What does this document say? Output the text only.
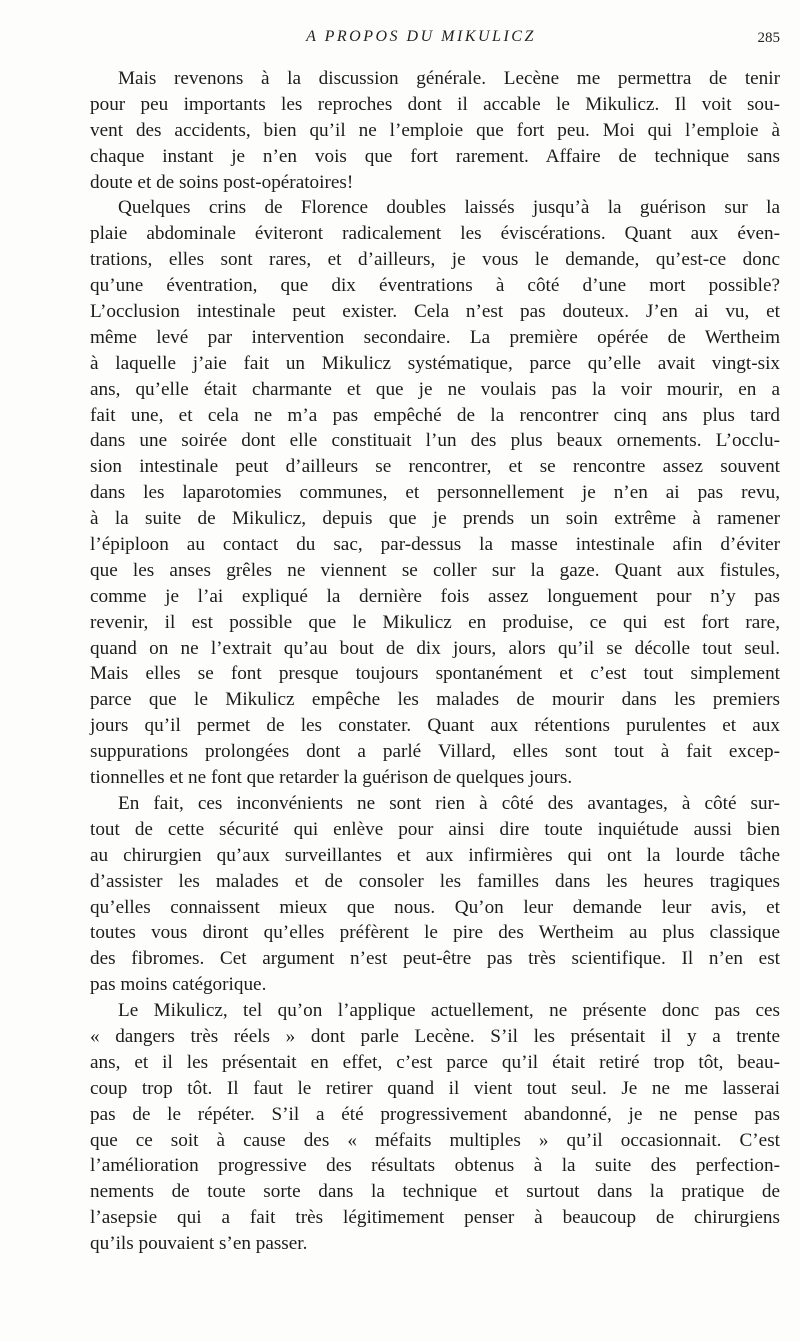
A PROPOS DU MIKULICZ	285
Mais revenons à la discussion générale. Lecène me permettra de tenir
pour peu importants les reproches dont il accable le Mikulicz. Il voit sou-
vent des accidents, bien qu’il ne l’emploie que fort peu. Moi qui l’emploie à
chaque instant je n’en vois que fort rarement. Affaire de technique sans
doute et de soins post-opératoires!
Quelques crins de Florence doubles laissés jusqu’à la guérison sur la
plaie abdominale éviteront radicalement les éviscérations. Quant aux éven-
trations, elles sont rares, et d’ailleurs, je vous le demande, qu’est-ce donc
qu’une éventration, que dix éventrations à côté d’une mort possible?
L’occlusion intestinale peut exister. Cela n’est pas douteux. J’en ai vu, et
même levé par intervention secondaire. La première opérée de Wertheim
à laquelle j’aie fait un Mikulicz systématique, parce qu’elle avait vingt-six
ans, qu’elle était charmante et que je ne voulais pas la voir mourir, en a
fait une, et cela ne m’a pas empêché de la rencontrer cinq ans plus tard
dans une soirée dont elle constituait l’un des plus beaux ornements. L’occlu-
sion intestinale peut d’ailleurs se rencontrer, et se rencontre assez souvent
dans les laparotomies communes, et personnellement je n’en ai pas revu,
à la suite de Mikulicz, depuis que je prends un soin extrême à ramener
l’épiploon au contact du sac, par-dessus la masse intestinale afin d’éviter
que les anses grêles ne viennent se coller sur la gaze. Quant aux fistules,
comme je l’ai expliqué la dernière fois assez longuement pour n’y pas
revenir, il est possible que le Mikulicz en produise, ce qui est fort rare,
quand on ne l’extrait qu’au bout de dix jours, alors qu’il se décolle tout seul.
Mais elles se font presque toujours spontanément et c’est tout simplement
parce que le Mikulicz empêche les malades de mourir dans les premiers
jours qu’il permet de les constater. Quant aux rétentions purulentes et aux
suppurations prolongées dont a parlé Villard, elles sont tout à fait excep-
tionnelles et ne font que retarder la guérison de quelques jours.
En fait, ces inconvénients ne sont rien à côté des avantages, à côté sur-
tout de cette sécurité qui enlève pour ainsi dire toute inquiétude aussi bien
au chirurgien qu’aux surveillantes et aux infirmières qui ont la lourde tâche
d’assister les malades et de consoler les familles dans les heures tragiques
qu’elles connaissent mieux que nous. Qu’on leur demande leur avis, et
toutes vous diront qu’elles préfèrent le pire des Wertheim au plus classique
des fibromes. Cet argument n’est peut-être pas très scientifique. Il n’en est
pas moins catégorique.
Le Mikulicz, tel qu’on l’applique actuellement, ne présente donc pas ces
« dangers très réels » dont parle Lecène. S’il les présentait il y a trente
ans, et il les présentait en effet, c’est parce qu’il était retiré trop tôt, beau-
coup trop tôt. Il faut le retirer quand il vient tout seul. Je ne me lasserai
pas de le répéter. S’il a été progressivement abandonné, je ne pense pas
que ce soit à cause des « méfaits multiples » qu’il occasionnait. C’est
l’amélioration progressive des résultats obtenus à la suite des perfection-
nements de toute sorte dans la technique et surtout dans la pratique de
l’asepsie qui a fait très légitimement penser à beaucoup de chirurgiens
qu’ils pouvaient s’en passer.
